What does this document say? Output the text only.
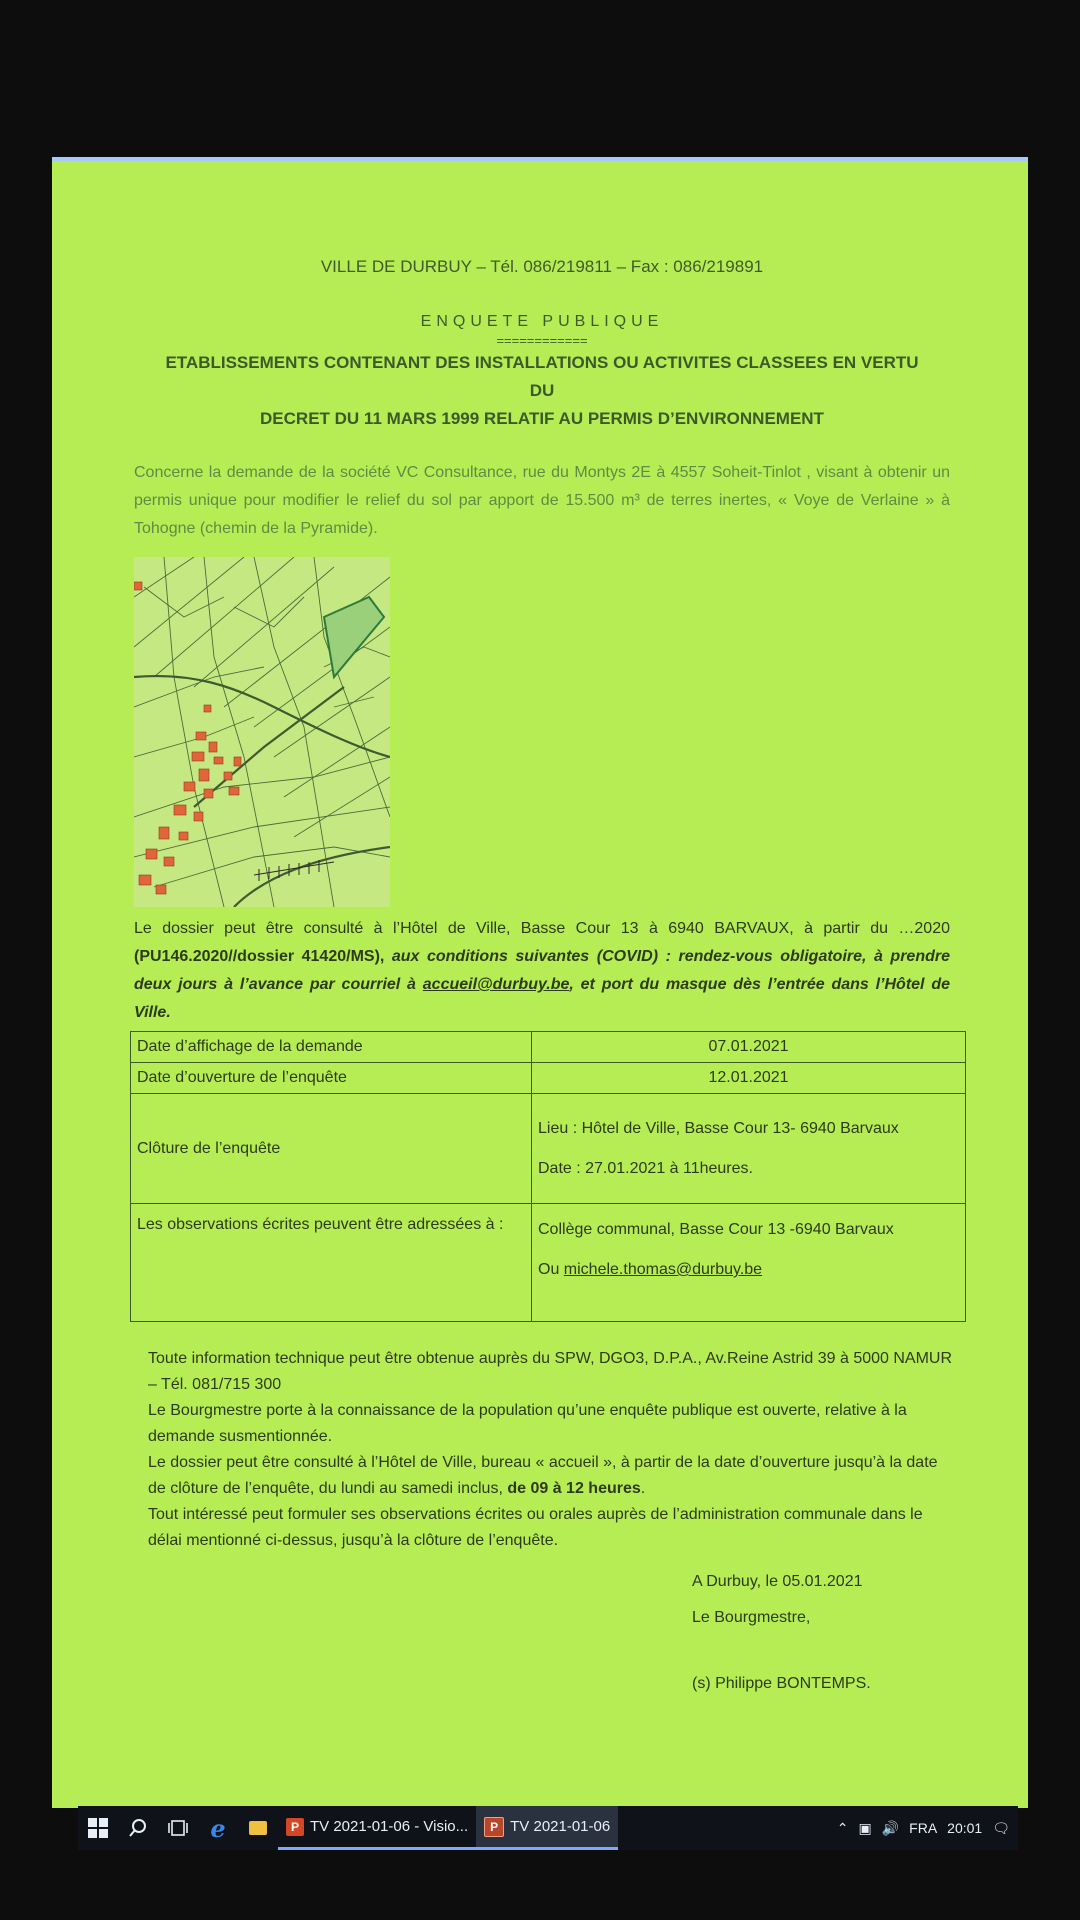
VILLE DE DURBUY – Tél. 086/219811 – Fax : 086/219891
ENQUETE PUBLIQUE
============
ETABLISSEMENTS CONTENANT DES INSTALLATIONS OU ACTIVITES CLASSEES EN VERTU DU
DECRET DU 11 MARS 1999 RELATIF AU PERMIS D’ENVIRONNEMENT

Concerne la demande de la société VC Consultance, rue du Montys 2E à 4557 Soheit-Tinlot , visant à obtenir un permis unique pour modifier le relief du sol par apport de 15.500 m³ de terres inertes, « Voye de Verlaine » à Tohogne (chemin de la Pyramide).

Le dossier peut être consulté à l’Hôtel de Ville, Basse Cour 13 à 6940 BARVAUX, à partir du …2020 (PU146.2020//dossier 41420/MS), aux conditions suivantes (COVID) : rendez-vous obligatoire, à prendre deux jours à l’avance par courriel à accueil@durbuy.be, et port du masque dès l’entrée dans l’Hôtel de Ville.

Date d’affichage de la demande	07.01.2021
Date d’ouverture de l’enquête	12.01.2021
Clôture de l’enquête	Lieu : Hôtel de Ville, Basse Cour 13- 6940 Barvaux
Date : 27.01.2021 à 11heures.

Les observations écrites peuvent être adressées à :	Collège communal, Basse Cour 13 -6940 Barvaux
Ou michele.thomas@durbuy.be

Toute information technique peut être obtenue auprès du SPW, DGO3, D.P.A., Av.Reine Astrid 39 à 5000 NAMUR – Tél. 081/715 300

Le Bourgmestre porte à la connaissance de la population qu’une enquête publique est ouverte, relative à la demande susmentionnée.

Le dossier peut être consulté à l’Hôtel de Ville, bureau « accueil », à partir de la date d’ouverture jusqu’à la date de clôture de l’enquête, du lundi au samedi inclus, de 09 à 12 heures.

Tout intéressé peut formuler ses observations écrites ou orales auprès de l’administration communale dans le délai mentionné ci-dessus, jusqu’à la clôture de l’enquête.

A Durbuy, le 05.01.2021
Le Bourgmestre,
(s) Philippe BONTEMPS.
e	P TV 2021-01-06 - Visio...	P TV 2021-01-06	⌃ ▣ 🔊 FRA 20:01 🗨
